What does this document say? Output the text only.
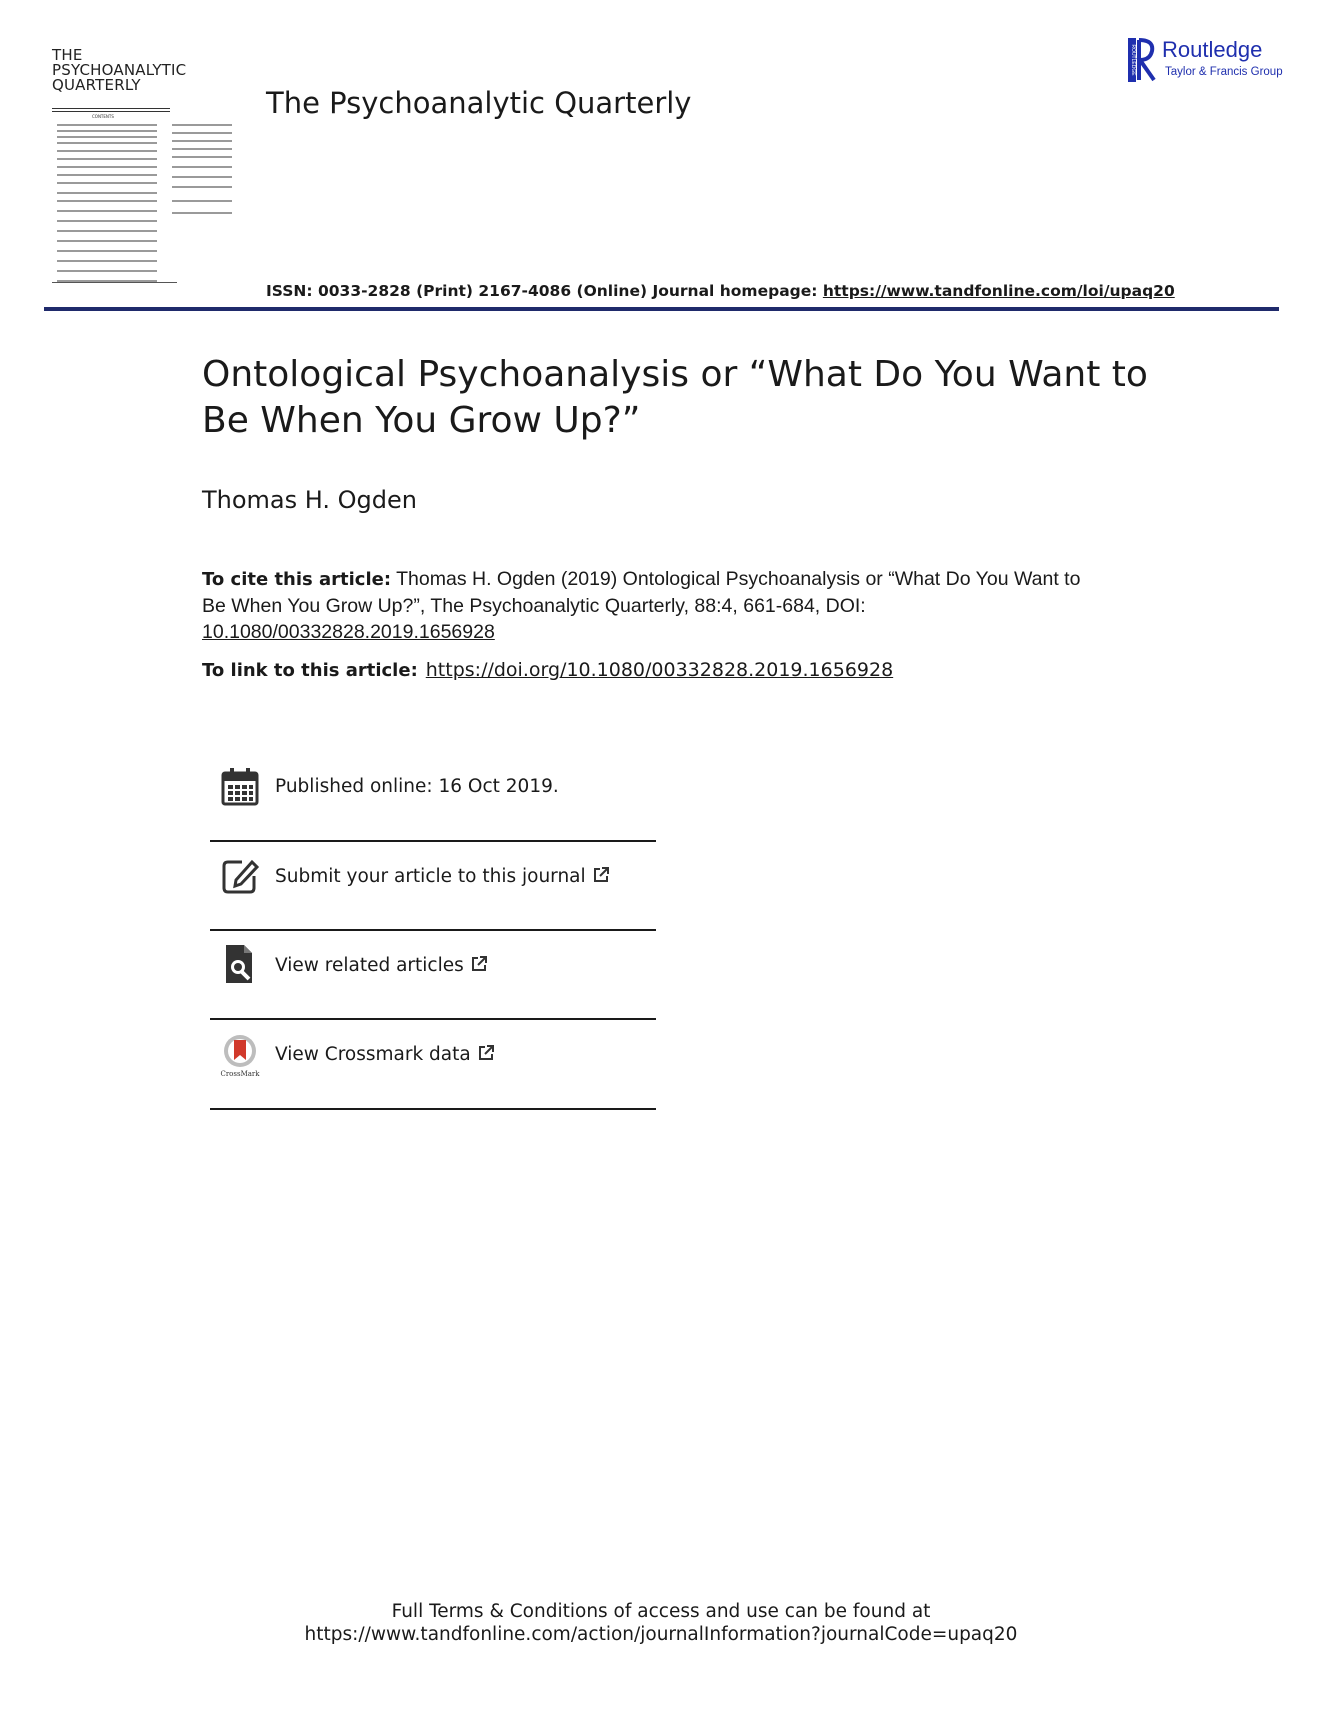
THE
PSYCHOANALYTIC
QUARTERLY
CONTENTS	The Psychoanalytic Quarterly
ROUTLEDGE Routledge
Taylor & Francis Group
ISSN: 0033-2828 (Print) 2167-4086 (Online) Journal homepage: https://www.tandfonline.com/loi/upaq20
Ontological Psychoanalysis or “What Do You Want to Be When You Grow Up?”
Thomas H. Ogden
To cite this article: Thomas H. Ogden (2019) Ontological Psychoanalysis or “What Do You Want to Be When You Grow Up?”, The Psychoanalytic Quarterly, 88:4, 661-684, DOI: 10.1080/00332828.2019.1656928
To link to this article: https://doi.org/10.1080/00332828.2019.1656928
Published online: 16 Oct 2019.
Submit your article to this journal
View related articles
CrossMark
View Crossmark data
Full Terms & Conditions of access and use can be found at
https://www.tandfonline.com/action/journalInformation?journalCode=upaq20
